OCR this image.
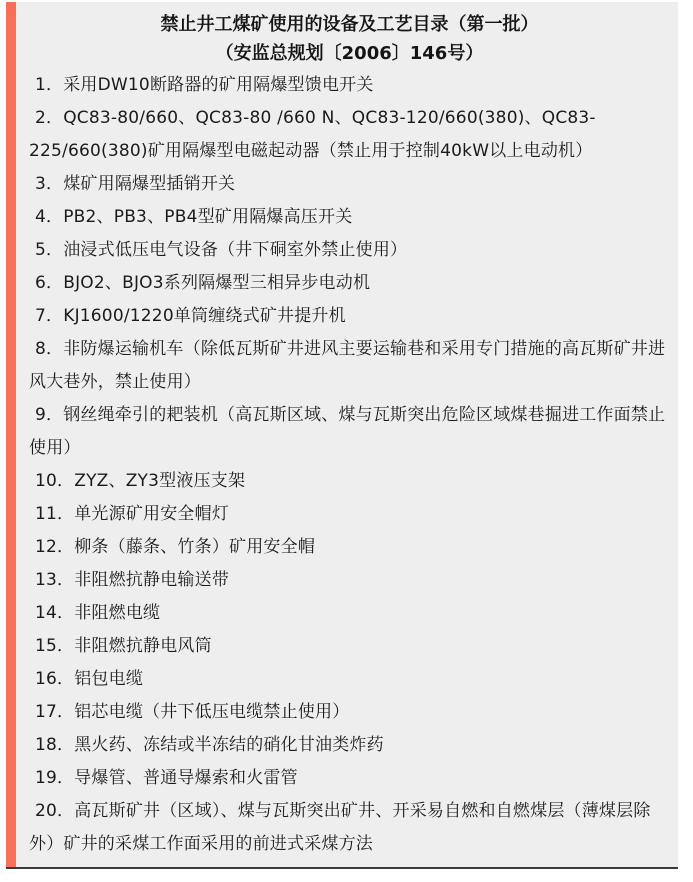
禁止井工煤矿使用的设备及工艺目录（第一批）
（安监总规划〔2006〕146号）

1．采用DW10断路器的矿用隔爆型馈电开关

2．QC83-80/660、QC83-80 /660 N、QC83-120/660(380)、QC83-225/660(380)矿用隔爆型电磁起动器（禁止用于控制40kW以上电动机）

3．煤矿用隔爆型插销开关

4．PB2、PB3、PB4型矿用隔爆高压开关

5．油浸式低压电气设备（井下硐室外禁止使用）

6．BJO2、BJO3系列隔爆型三相异步电动机

7．KJ1600/1220单筒缠绕式矿井提升机

8．非防爆运输机车（除低瓦斯矿井进风主要运输巷和采用专门措施的高瓦斯矿井进风大巷外，禁止使用）

9．钢丝绳牵引的耙装机（高瓦斯区域、煤与瓦斯突出危险区域煤巷掘进工作面禁止使用）

10．ZYZ、ZY3型液压支架

11．单光源矿用安全帽灯

12．柳条（藤条、竹条）矿用安全帽

13．非阻燃抗静电输送带

14．非阻燃电缆

15．非阻燃抗静电风筒

16．铝包电缆

17．铝芯电缆（井下低压电缆禁止使用）

18．黑火药、冻结或半冻结的硝化甘油类炸药

19．导爆管、普通导爆索和火雷管

20．高瓦斯矿井（区域）、煤与瓦斯突出矿井、开采易自燃和自燃煤层（薄煤层除外）矿井的采煤工作面采用的前进式采煤方法
